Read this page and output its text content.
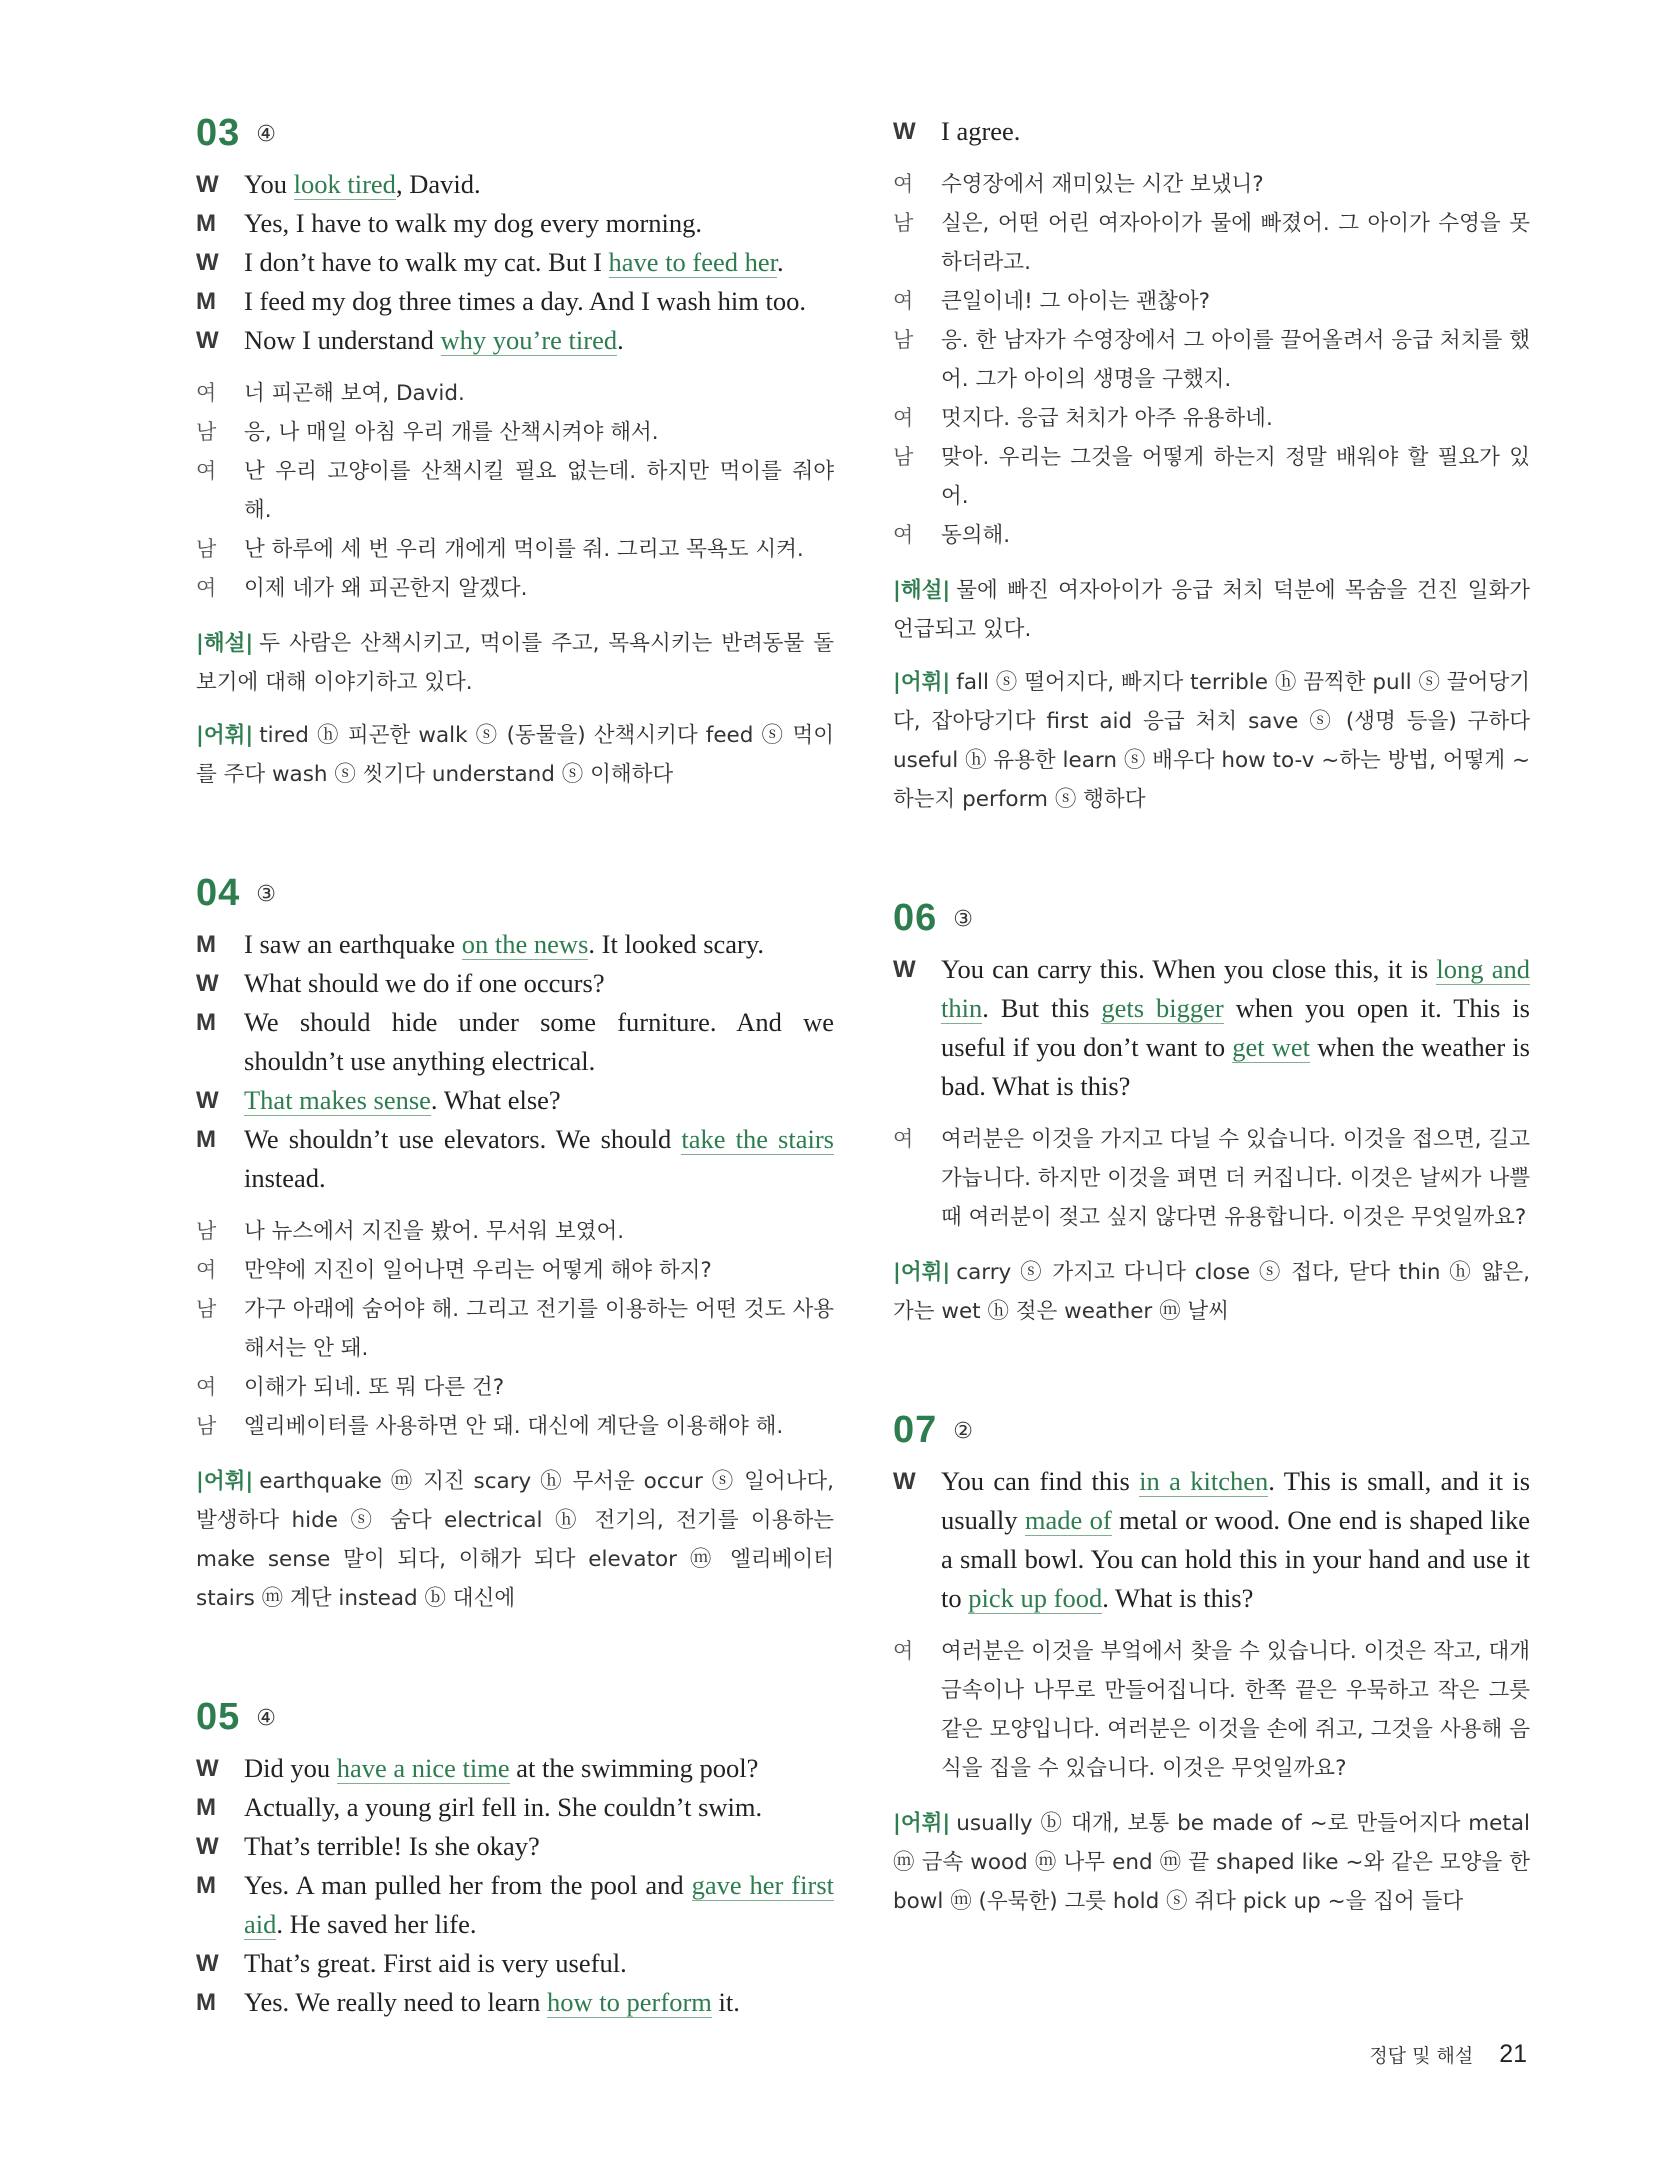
03 ④
W You look tired, David.
M	Yes, I have to walk my dog every morning.
W I don’t have to walk my cat. But I have to feed her.
M	I feed my dog three times a day. And I wash him too.
W Now I understand why you’re tired.
여	너 피곤해 보여, David.
남	응, 나 매일 아침 우리 개를 산책시켜야 해서.
여	난 우리 고양이를 산책시킬 필요 없는데. 하지만 먹이를 줘야 해.
남	난 하루에 세 번 우리 개에게 먹이를 줘. 그리고 목욕도 시켜.
여	이제 네가 왜 피곤한지 알겠다.
|해설| 두 사람은 산책시키고, 먹이를 주고, 목욕시키는 반려동물 돌보기에 대해 이야기하고 있다.
|어휘| tired ⓗ 피곤한 walk ⓢ (동물을) 산책시키다 feed ⓢ 먹이를 주다 wash ⓢ 씻기다 understand ⓢ 이해하다
04 ③
M	I saw an earthquake on the news. It looked scary.
W What should we do if one occurs?
M	We should hide under some furniture. And we shouldn’t use anything electrical.
W That makes sense. What else?
M	We shouldn’t use elevators. We should take the stairs instead.
남	나 뉴스에서 지진을 봤어. 무서워 보였어.
여	만약에 지진이 일어나면 우리는 어떻게 해야 하지?
남	가구 아래에 숨어야 해. 그리고 전기를 이용하는 어떤 것도 사용해서는 안 돼.
여	이해가 되네. 또 뭐 다른 건?
남	엘리베이터를 사용하면 안 돼. 대신에 계단을 이용해야 해.
|어휘| earthquake ⓜ 지진 scary ⓗ 무서운 occur ⓢ 일어나다, 발생하다 hide ⓢ 숨다 electrical ⓗ 전기의, 전기를 이용하는 make sense 말이 되다, 이해가 되다 elevator ⓜ 엘리베이터 stairs ⓜ 계단 instead ⓑ 대신에
05 ④
W Did you have a nice time at the swimming pool?
M	Actually, a young girl fell in. She couldn’t swim.
W That’s terrible! Is she okay?
M	Yes. A man pulled her from the pool and gave her first aid. He saved her life.
W That’s great. First aid is very useful.
M	Yes. We really need to learn how to perform it.
W I agree.
여	수영장에서 재미있는 시간 보냈니?
남	실은, 어떤 어린 여자아이가 물에 빠졌어. 그 아이가 수영을 못하더라고.
여	큰일이네! 그 아이는 괜찮아?
남	응. 한 남자가 수영장에서 그 아이를 끌어올려서 응급 처치를 했어. 그가 아이의 생명을 구했지.
여	멋지다. 응급 처치가 아주 유용하네.
남	맞아. 우리는 그것을 어떻게 하는지 정말 배워야 할 필요가 있어.
여	동의해.
|해설| 물에 빠진 여자아이가 응급 처치 덕분에 목숨을 건진 일화가 언급되고 있다.
|어휘| fall ⓢ 떨어지다, 빠지다 terrible ⓗ 끔찍한 pull ⓢ 끌어당기다, 잡아당기다 first aid 응급 처치 save ⓢ (생명 등을) 구하다 useful ⓗ 유용한 learn ⓢ 배우다 how to-v ~하는 방법, 어떻게 ~하는지 perform ⓢ 행하다
06 ③
W You can carry this. When you close this, it is long and thin. But this gets bigger when you open it. This is useful if you don’t want to get wet when the weather is bad. What is this?
여	여러분은 이것을 가지고 다닐 수 있습니다. 이것을 접으면, 길고 가늡니다. 하지만 이것을 펴면 더 커집니다. 이것은 날씨가 나쁠 때 여러분이 젖고 싶지 않다면 유용합니다. 이것은 무엇일까요?
|어휘| carry ⓢ 가지고 다니다 close ⓢ 접다, 닫다 thin ⓗ 얇은, 가는 wet ⓗ 젖은 weather ⓜ 날씨
07 ②
W You can find this in a kitchen. This is small, and it is usually made of metal or wood. One end is shaped like a small bowl. You can hold this in your hand and use it to pick up food. What is this?
여	여러분은 이것을 부엌에서 찾을 수 있습니다. 이것은 작고, 대개 금속이나 나무로 만들어집니다. 한쪽 끝은 우묵하고 작은 그릇 같은 모양입니다. 여러분은 이것을 손에 쥐고, 그것을 사용해 음식을 집을 수 있습니다. 이것은 무엇일까요?
|어휘| usually ⓑ 대개, 보통 be made of ~로 만들어지다 metal ⓜ 금속 wood ⓜ 나무 end ⓜ 끝 shaped like ~와 같은 모양을 한 bowl ⓜ (우묵한) 그릇 hold ⓢ 쥐다 pick up ~을 집어 들다
정답 및 해설 21
